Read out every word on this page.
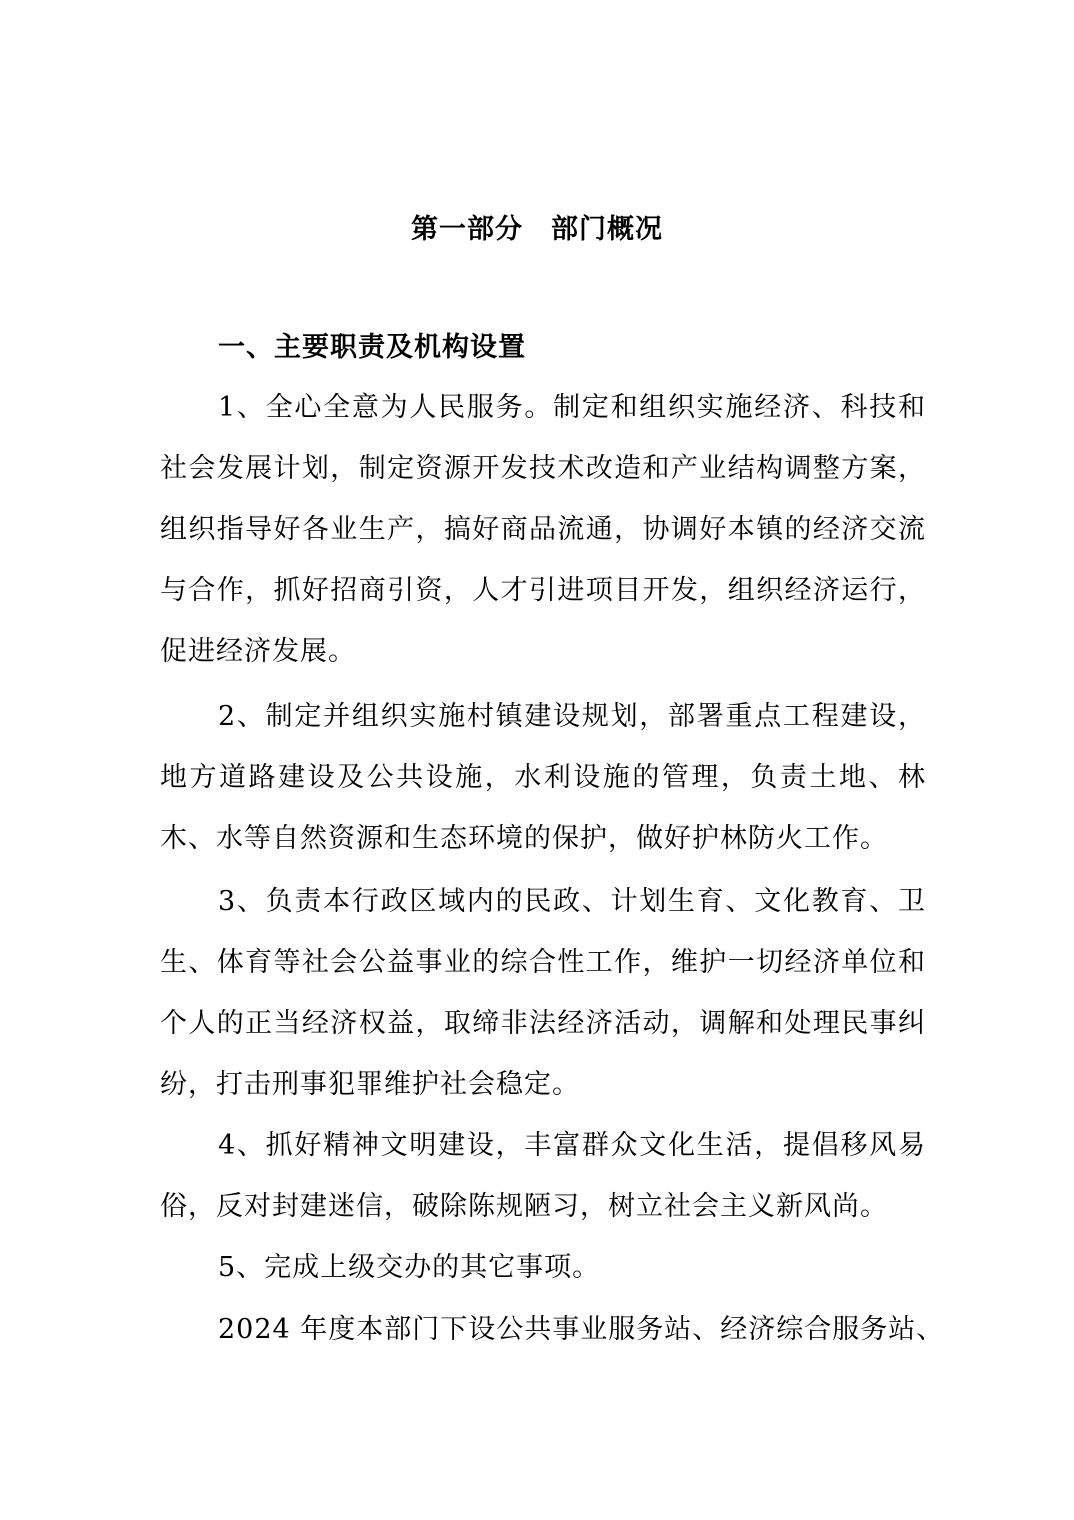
第一部分　部门概况
一、主要职责及机构设置

1、全心全意为人民服务。制定和组织实施经济、科技和社会发展计划，制定资源开发技术改造和产业结构调整方案，组织指导好各业生产，搞好商品流通，协调好本镇的经济交流与合作，抓好招商引资，人才引进项目开发，组织经济运行，促进经济发展。

2、制定并组织实施村镇建设规划，部署重点工程建设，地方道路建设及公共设施，水利设施的管理，负责土地、林木、水等自然资源和生态环境的保护，做好护林防火工作。

3、负责本行政区域内的民政、计划生育、文化教育、卫生、体育等社会公益事业的综合性工作，维护一切经济单位和个人的正当经济权益，取缔非法经济活动，调解和处理民事纠纷，打击刑事犯罪维护社会稳定。

4、抓好精神文明建设，丰富群众文化生活，提倡移风易俗，反对封建迷信，破除陈规陋习，树立社会主义新风尚。

5、完成上级交办的其它事项。

2024 年度本部门下设公共事业服务站、经济综合服务站、
